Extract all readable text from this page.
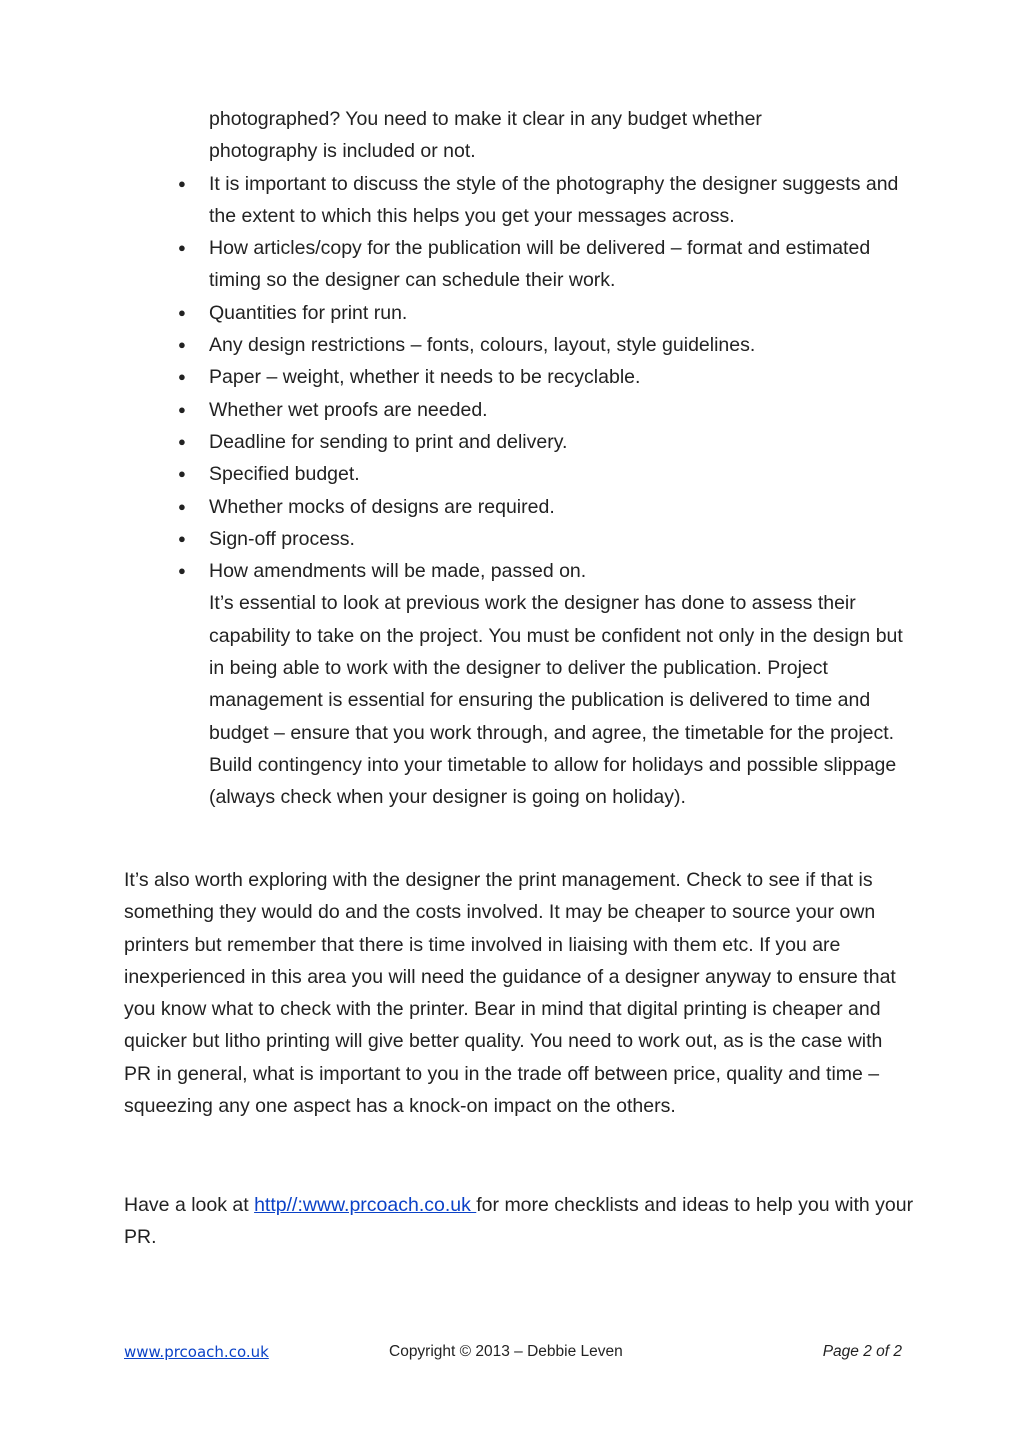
photographed? You need to make it clear in any budget whether
photography is included or not.

● It is important to discuss the style of the photography the designer suggests and the extent to which this helps you get your messages across.
● How articles/copy for the publication will be delivered – format and estimated timing so the designer can schedule their work.
● Quantities for print run.
● Any design restrictions – fonts, colours, layout, style guidelines.
● Paper – weight, whether it needs to be recyclable.
● Whether wet proofs are needed.
● Deadline for sending to print and delivery.
● Specified budget.
● Whether mocks of designs are required.
● Sign-off process.
● How amendments will be made, passed on.
It’s essential to look at previous work the designer has done to assess their capability to take on the project. You must be confident not only in the design but in being able to work with the designer to deliver the publication. Project management is essential for ensuring the publication is delivered to time and budget – ensure that you work through, and agree, the timetable for the project. Build contingency into your timetable to allow for holidays and possible slippage (always check when your designer is going on holiday).

It’s also worth exploring with the designer the print management. Check to see if that is something they would do and the costs involved. It may be cheaper to source your own printers but remember that there is time involved in liaising with them etc. If you are inexperienced in this area you will need the guidance of a designer anyway to ensure that you know what to check with the printer. Bear in mind that digital printing is cheaper and quicker but litho printing will give better quality. You need to work out, as is the case with PR in general, what is important to you in the trade off between price, quality and time – squeezing any one aspect has a knock-on impact on the others.

Have a look at http//:www.prcoach.co.uk for more checklists and ideas to help you with your PR.

www.prcoach.co.uk	Copyright © 2013 – Debbie Leven	Page 2 of 2
